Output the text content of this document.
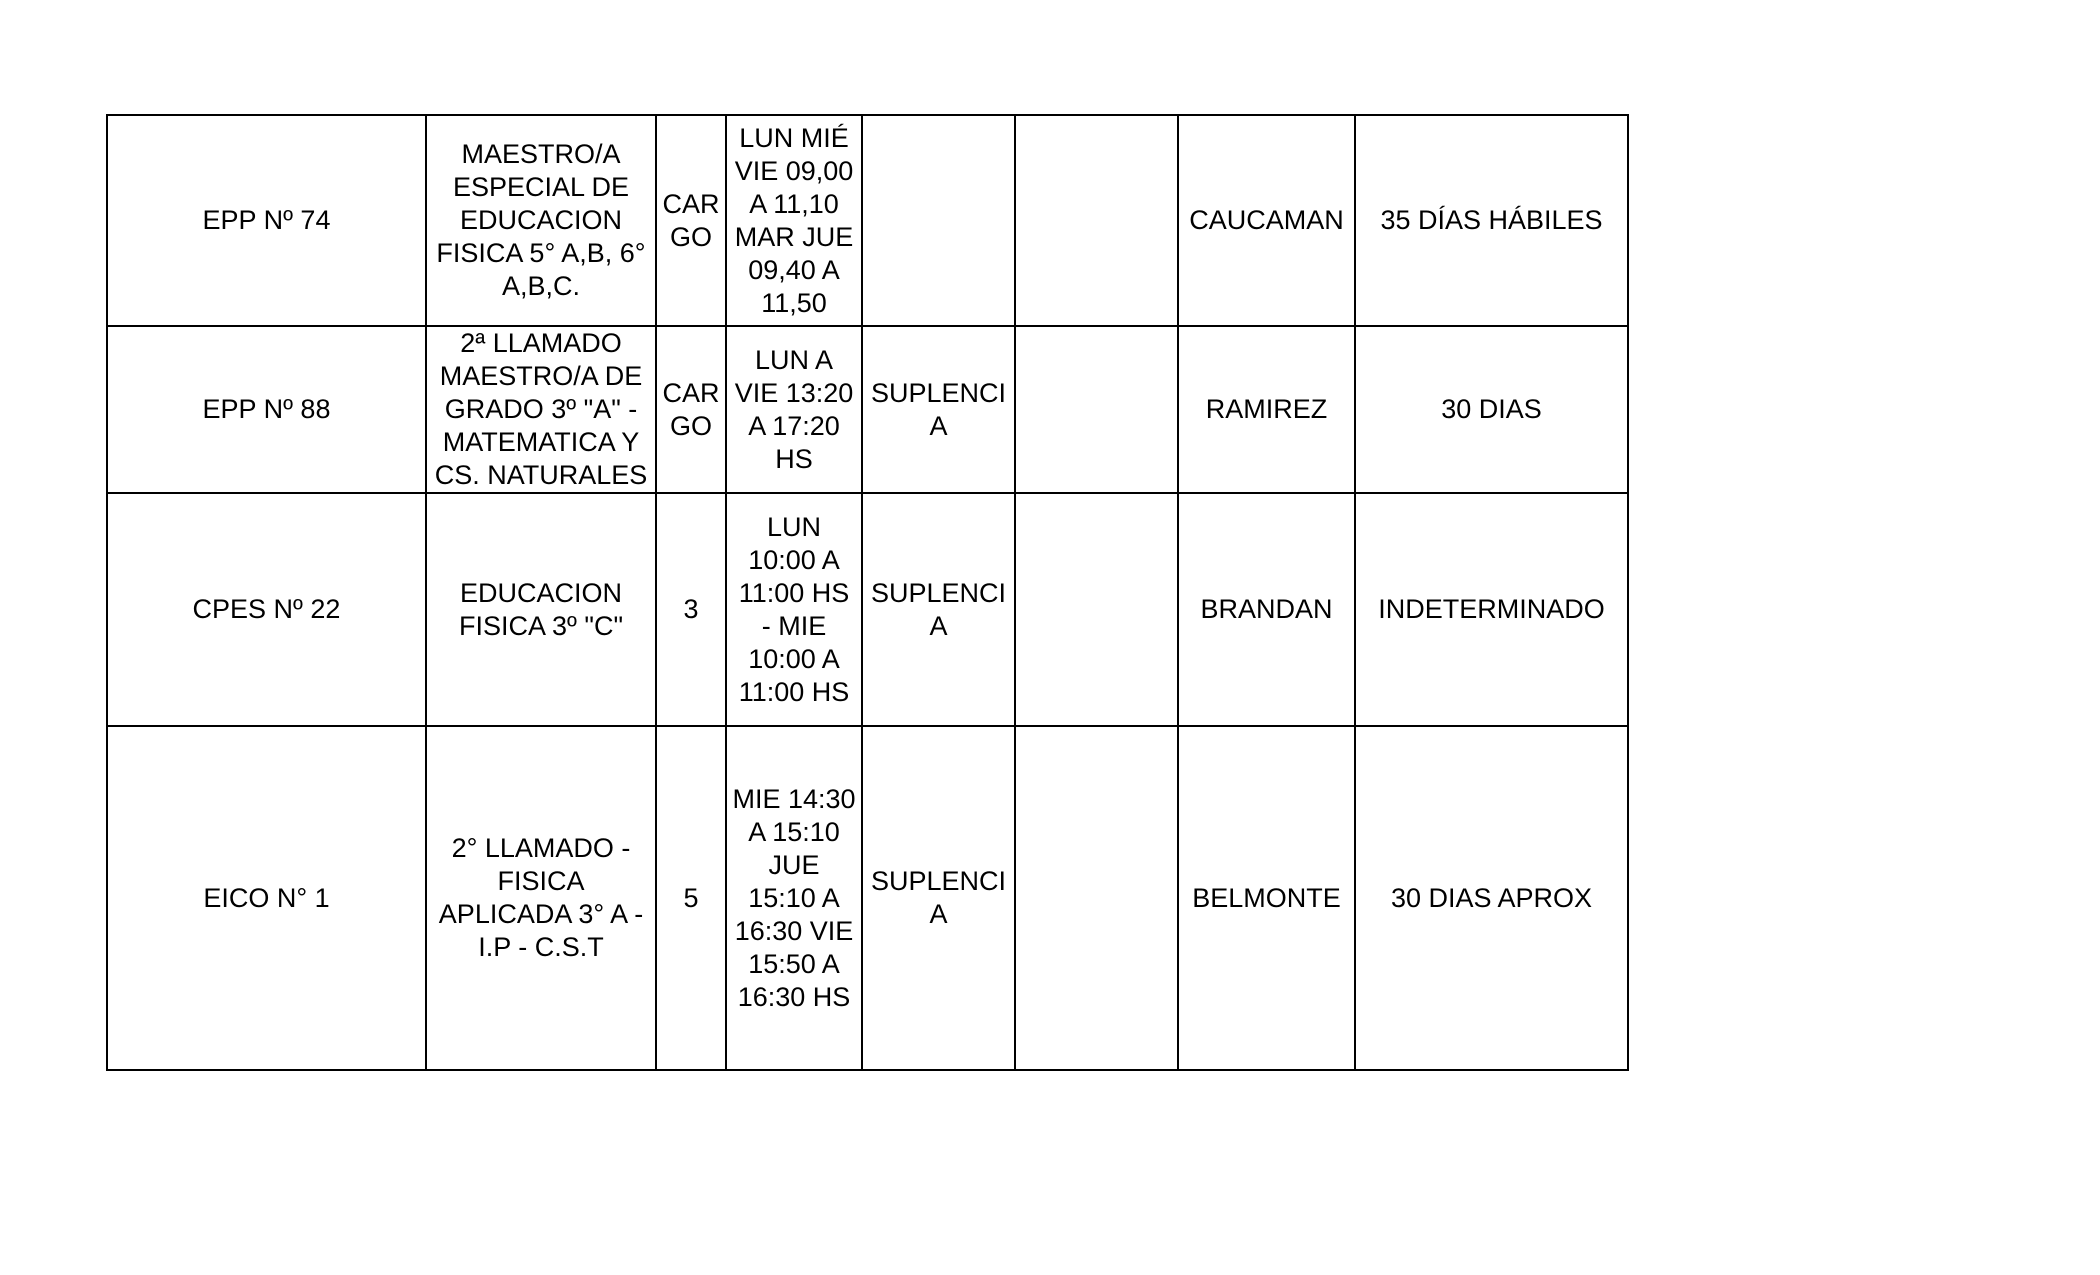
EPP Nº 74	MAESTRO/A ESPECIAL DE EDUCACION FISICA 5° A,B, 6° A,B,C.	CAR GO	LUN MIÉ VIE 09,00 A 11,10 MAR JUE 09,40 A 11,50			CAUCAMAN	35 DÍAS HÁBILES

EPP Nº 88	2ª LLAMADO MAESTRO/A DE GRADO 3º "A" - MATEMATICA Y CS. NATURALES	CAR GO	LUN A VIE 13:20 A 17:20 HS	SUPLENCI A		RAMIREZ	30 DIAS

CPES Nº 22	EDUCACION FISICA 3º "C"	3	LUN 10:00 A 11:00 HS - MIE 10:00 A 11:00 HS	SUPLENCI A		BRANDAN	INDETERMINADO

EICO N° 1	2° LLAMADO - FISICA APLICADA 3° A - I.P - C.S.T	5	MIE 14:30 A 15:10 JUE 15:10 A 16:30 VIE 15:50 A 16:30 HS	SUPLENCI A		BELMONTE	30 DIAS APROX
